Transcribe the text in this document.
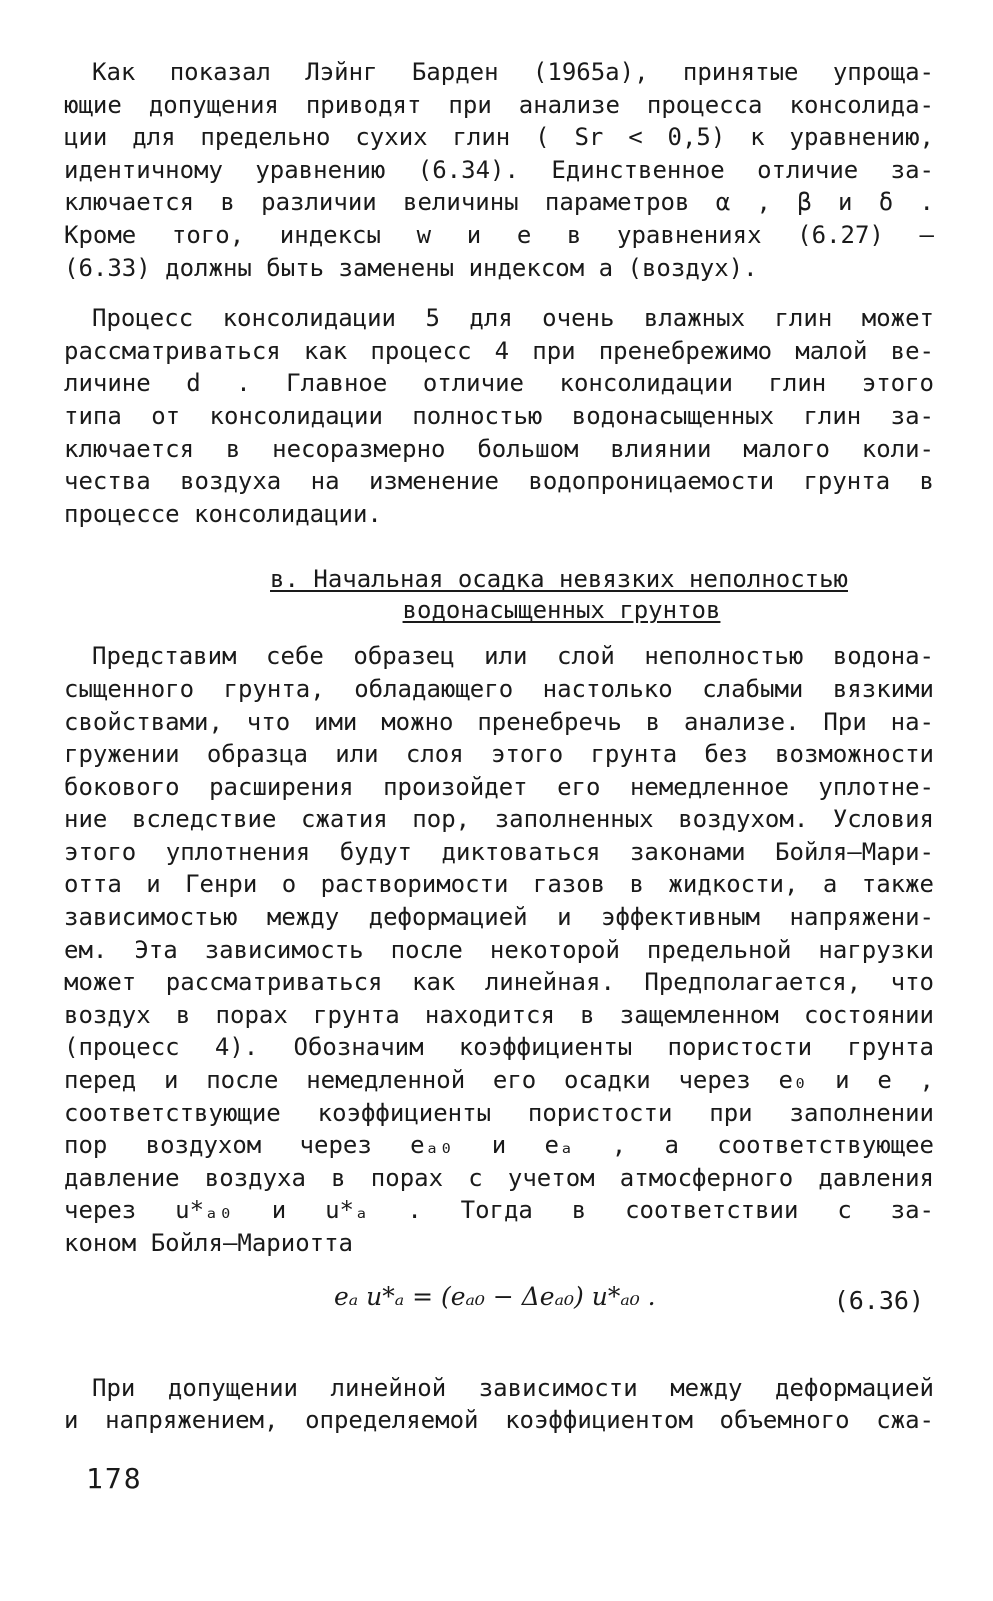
Как показал Лэйнг Барден (1965а), принятые упроща-
ющие допущения приводят при анализе процесса консолида-
ции для предельно сухих глин ( Sr < 0,5) к уравнению,
идентичному уравнению (6.34). Единственное отличие за-
ключается в различии величины параметров α , β и δ .
Кроме того, индексы w и e в уравнениях (6.27) –
(6.33) должны быть заменены индексом a (воздух).
Процесс консолидации 5 для очень влажных глин может
рассматриваться как процесс 4 при пренебрежимо малой ве-
личине d . Главное отличие консолидации глин этого
типа от консолидации полностью водонасыщенных глин за-
ключается в несоразмерно большом влиянии малого коли-
чества воздуха на изменение водопроницаемости грунта в
процессе консолидации.
в. Начальная осадка невязких неполностью
водонасыщенных грунтов
Представим себе образец или слой неполностью водона-
сыщенного грунта, обладающего настолько слабыми вязкими
свойствами, что ими можно пренебречь в анализе. При на-
гружении образца или слоя этого грунта без возможности
бокового расширения произойдет его немедленное уплотне-
ние вследствие сжатия пор, заполненных воздухом. Условия
этого уплотнения будут диктоваться законами Бойля–Мари-
отта и Генри о растворимости газов в жидкости, а также
зависимостью между деформацией и эффективным напряжени-
ем. Эта зависимость после некоторой предельной нагрузки
может рассматриваться как линейная. Предполагается, что
воздух в порах грунта находится в защемленном состоянии
(процесс 4). Обозначим коэффициенты пористости грунта
перед и после немедленной его осадки через e₀ и e ,
соответствующие коэффициенты пористости при заполнении
пор воздухом через eₐ₀ и eₐ , а соответствующее
давление воздуха в порах с учетом атмосферного давления
через u*ₐ₀ и u*ₐ . Тогда в соответствии с за-
коном Бойля–Мариотта
eₐ u*ₐ = (eₐ₀ − Δeₐ₀) u*ₐ₀ .	(6.36)
При допущении линейной зависимости между деформацией
и напряжением, определяемой коэффициентом объемного сжа-
178
